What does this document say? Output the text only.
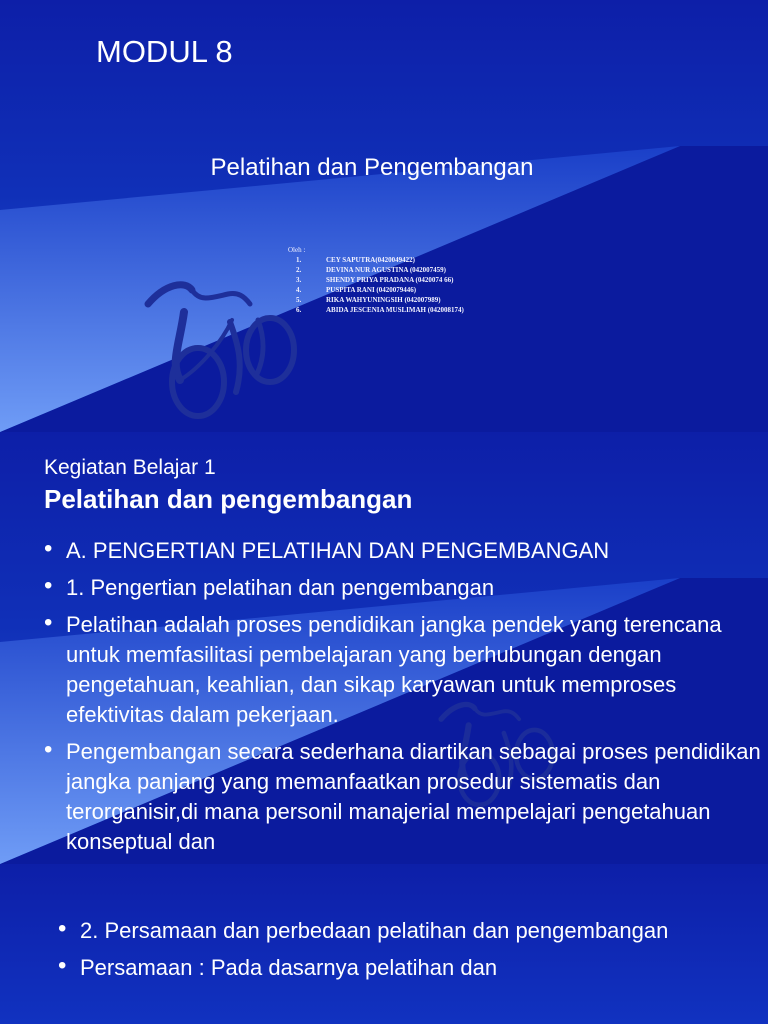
MODUL 8
Pelatihan dan Pengembangan
Oleh :
1.	CEY SAPUTRA(0420049422)
2.	DEVINA NUR AGUSTINA (042007459)
3.	SHENDY PRIYA PRADANA (0420074 66)
4.	PUSPITA RANI (0420079446)
5.	RIKA WAHYUNINGSIH (042007989)
6.	ABIDA JESCENIA MUSLIMAH (042008174)
Kegiatan Belajar 1
Pelatihan dan pengembangan
• A. PENGERTIAN PELATIHAN DAN PENGEMBANGAN
• 1. Pengertian pelatihan dan pengembangan
• Pelatihan adalah proses pendidikan jangka pendek yang terencana untuk memfasilitasi pembelajaran yang berhubungan dengan pengetahuan, keahlian, dan sikap karyawan untuk memproses efektivitas dalam pekerjaan.
• Pengembangan secara sederhana diartikan sebagai proses pendidikan jangka panjang yang memanfaatkan prosedur sistematis dan terorganisir,di mana personil manajerial mempelajari pengetahuan konseptual dan
• 2. Persamaan dan perbedaan pelatihan dan pengembangan
• Persamaan : Pada dasarnya pelatihan dan
